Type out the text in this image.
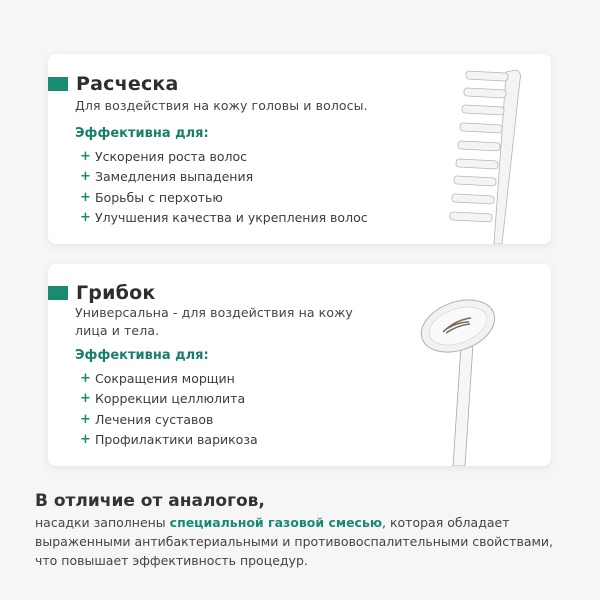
Расческа
Для воздействия на кожу головы и волосы.
Эффективна для:
+ Ускорения роста волос
+ Замедления выпадения
+ Борьбы с перхотью
+ Улучшения качества и укрепления волос
Грибок
Универсальна - для воздействия на кожу
лица и тела.
Эффективна для:
+ Сокращения морщин
+ Коррекции целлюлита
+ Лечения суставов
+ Профилактики варикоза
В отличие от аналогов,
насадки заполнены специальной газовой смесью, которая обладает выраженными антибактериальными и противовоспалительными свойствами, что повышает эффективность процедур.
